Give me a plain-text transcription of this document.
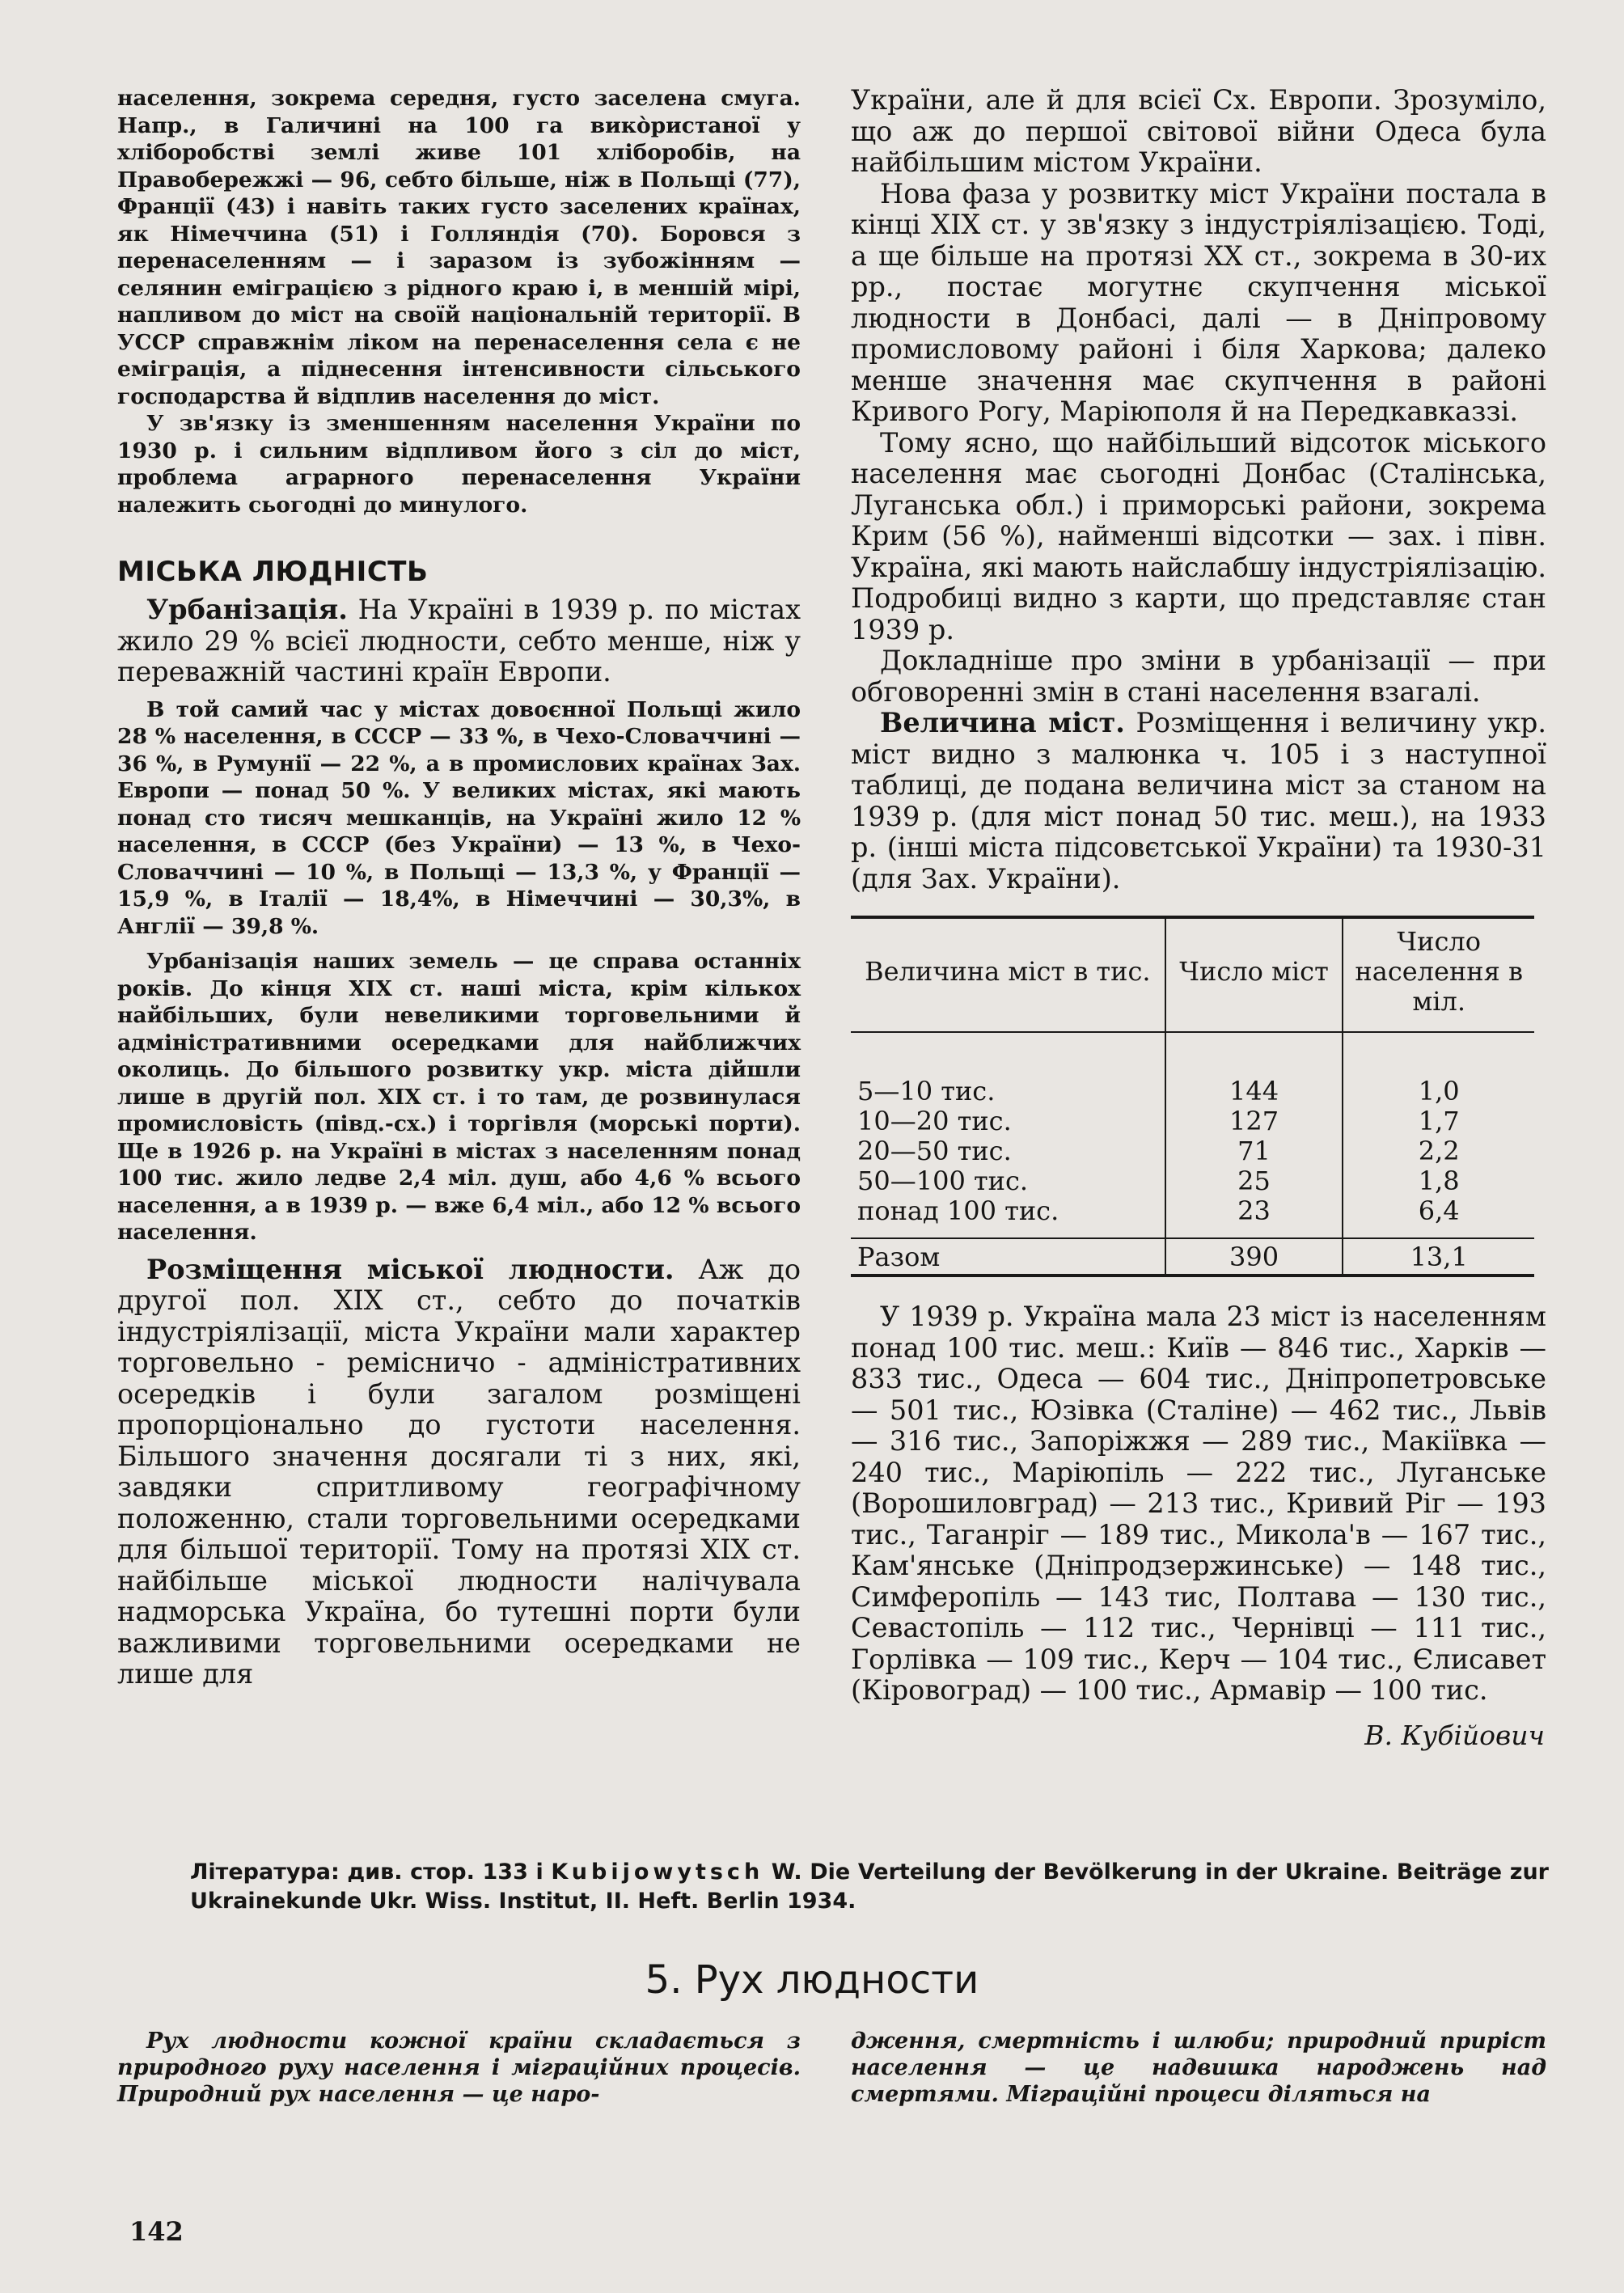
населення, зокрема середня, густо заселена смуга. Напр., в Галичині на 100 га вико̀ристаної у хліборобстві землі живе 101 хліборобів, на Правобережжі — 96, себто більше, ніж в Польщі (77), Франції (43) і навіть таких густо заселених країнах, як Німеччина (51) і Голляндія (70). Боровся з перенаселенням — і заразом із зубожінням — селянин еміграцією з рідного краю і, в меншій мірі, напливом до міст на своїй національній території. В УССР справжнім ліком на перенаселення села є не еміграція, а піднесення інтенсивности сільського господарства й відплив населення до міст.

У зв'язку із зменшенням населення України по 1930 р. і сильним відпливом його з сіл до міст, проблема аграрного перенаселення України належить сьогодні до минулого.

МІСЬКА ЛЮДНІСТЬ

Урбанізація. На Україні в 1939 р. по містах жило 29 % всієї людности, себто менше, ніж у переважній частині країн Европи.

В той самий час у містах довоєнної Польщі жило 28 % населення, в СССР — 33 %, в Чехо-Словаччині — 36 %, в Румунії — 22 %, а в промислових країнах Зах. Европи — понад 50 %. У великих містах, які мають понад сто тисяч мешканців, на Україні жило 12 % населення, в СССР (без України) — 13 %, в Чехо-Словаччині — 10 %, в Польщі — 13,3 %, у Франції — 15,9 %, в Італії — 18,4%, в Німеччині — 30,3%, в Англії — 39,8 %.

Урбанізація наших земель — це справа останніх років. До кінця XIX ст. наші міста, крім кількох найбільших, були невеликими торговельними й адміністративними осередками для найближчих околиць. До більшого розвитку укр. міста дійшли лише в другій пол. XIX ст. і то там, де розвинулася промисловість (півд.-сх.) і торгівля (морські порти). Ще в 1926 р. на Україні в містах з населенням понад 100 тис. жило ледве 2,4 міл. душ, або 4,6 % всього населення, а в 1939 р. — вже 6,4 міл., або 12 % всього населення.

Розміщення міської людности. Аж до другої пол. XIX ст., себто до початків індустріялізації, міста України мали характер торговельно - ремісничо - адміністративних осередків і були загалом розміщені пропорціонально до густоти населення. Більшого значення досягали ті з них, які, завдяки спритливому географічному положенню, стали торговельними осередками для більшої території. Тому на протязі XIX ст. найбільше міської людности налічувала надморська Україна, бо тутешні порти були важливими торговельними осередками не лише для

України, але й для всієї Сх. Европи. Зрозуміло, що аж до першої світової війни Одеса була найбільшим містом України.

Нова фаза у розвитку міст України постала в кінці XIX ст. у зв'язку з індустріялізацією. Тоді, а ще більше на протязі XX ст., зокрема в 30-их рр., постає могутнє скупчення міської людности в Донбасі, далі — в Дніпровому промисловому районі і біля Харкова; далеко менше значення має скупчення в районі Кривого Рогу, Маріюполя й на Передкавказзі.

Тому ясно, що найбільший відсоток міського населення має сьогодні Донбас (Сталінська, Луганська обл.) і приморські райони, зокрема Крим (56 %), найменші відсотки — зах. і півн. Україна, які мають найслабшу індустріялізацію. Подробиці видно з карти, що представляє стан 1939 р.

Докладніше про зміни в урбанізації — при обговоренні змін в стані населення взагалі.

Величина міст. Розміщення і величину укр. міст видно з малюнка ч. 105 і з наступної таблиці, де подана величина міст за станом на 1939 р. (для міст понад 50 тис. меш.), на 1933 р. (інші міста підсовєтської України) та 1930-31 (для Зах. України).

Величина міст в тис.	Число міст	Число населення в міл.
5—10 тис.	144	1,0
10—20 тис.	127	1,7
20—50 тис.	71	2,2
50—100 тис.	25	1,8
понад 100 тис.	23	6,4
Разом	390	13,1

У 1939 р. Україна мала 23 міст із населенням понад 100 тис. меш.: Київ — 846 тис., Харків — 833 тис., Одеса — 604 тис., Дніпропетровське — 501 тис., Юзівка (Сталіне) — 462 тис., Львів — 316 тис., Запоріжжя — 289 тис., Макіївка — 240 тис., Маріюпіль — 222 тис., Луганське (Ворошиловград) — 213 тис., Кривий Ріг — 193 тис., Таганріг — 189 тис., Микола'в — 167 тис., Кам'янське (Дніпродзержинське) — 148 тис., Симферопіль — 143 тис, Полтава — 130 тис., Севастопіль — 112 тис., Чернівці — 111 тис., Горлівка — 109 тис., Керч — 104 тис., Єлисавет (Кіровоград) — 100 тис., Армавір — 100 тис.

В. Кубійович
Література: див. стор. 133 і Kubijowytsch W. Die Verteilung der Bevölkerung in der Ukraine. Beiträge zur Ukrainekunde Ukr. Wiss. Institut, II. Heft. Berlin 1934.
5. Рух людности

Рух людности кожної країни складається з природного руху населення і міграційних процесів. Природний рух населення — це наро-

дження, смертність і шлюби; природний приріст населення — це надвишка народжень над смертями. Міграційні процеси діляться на

142
